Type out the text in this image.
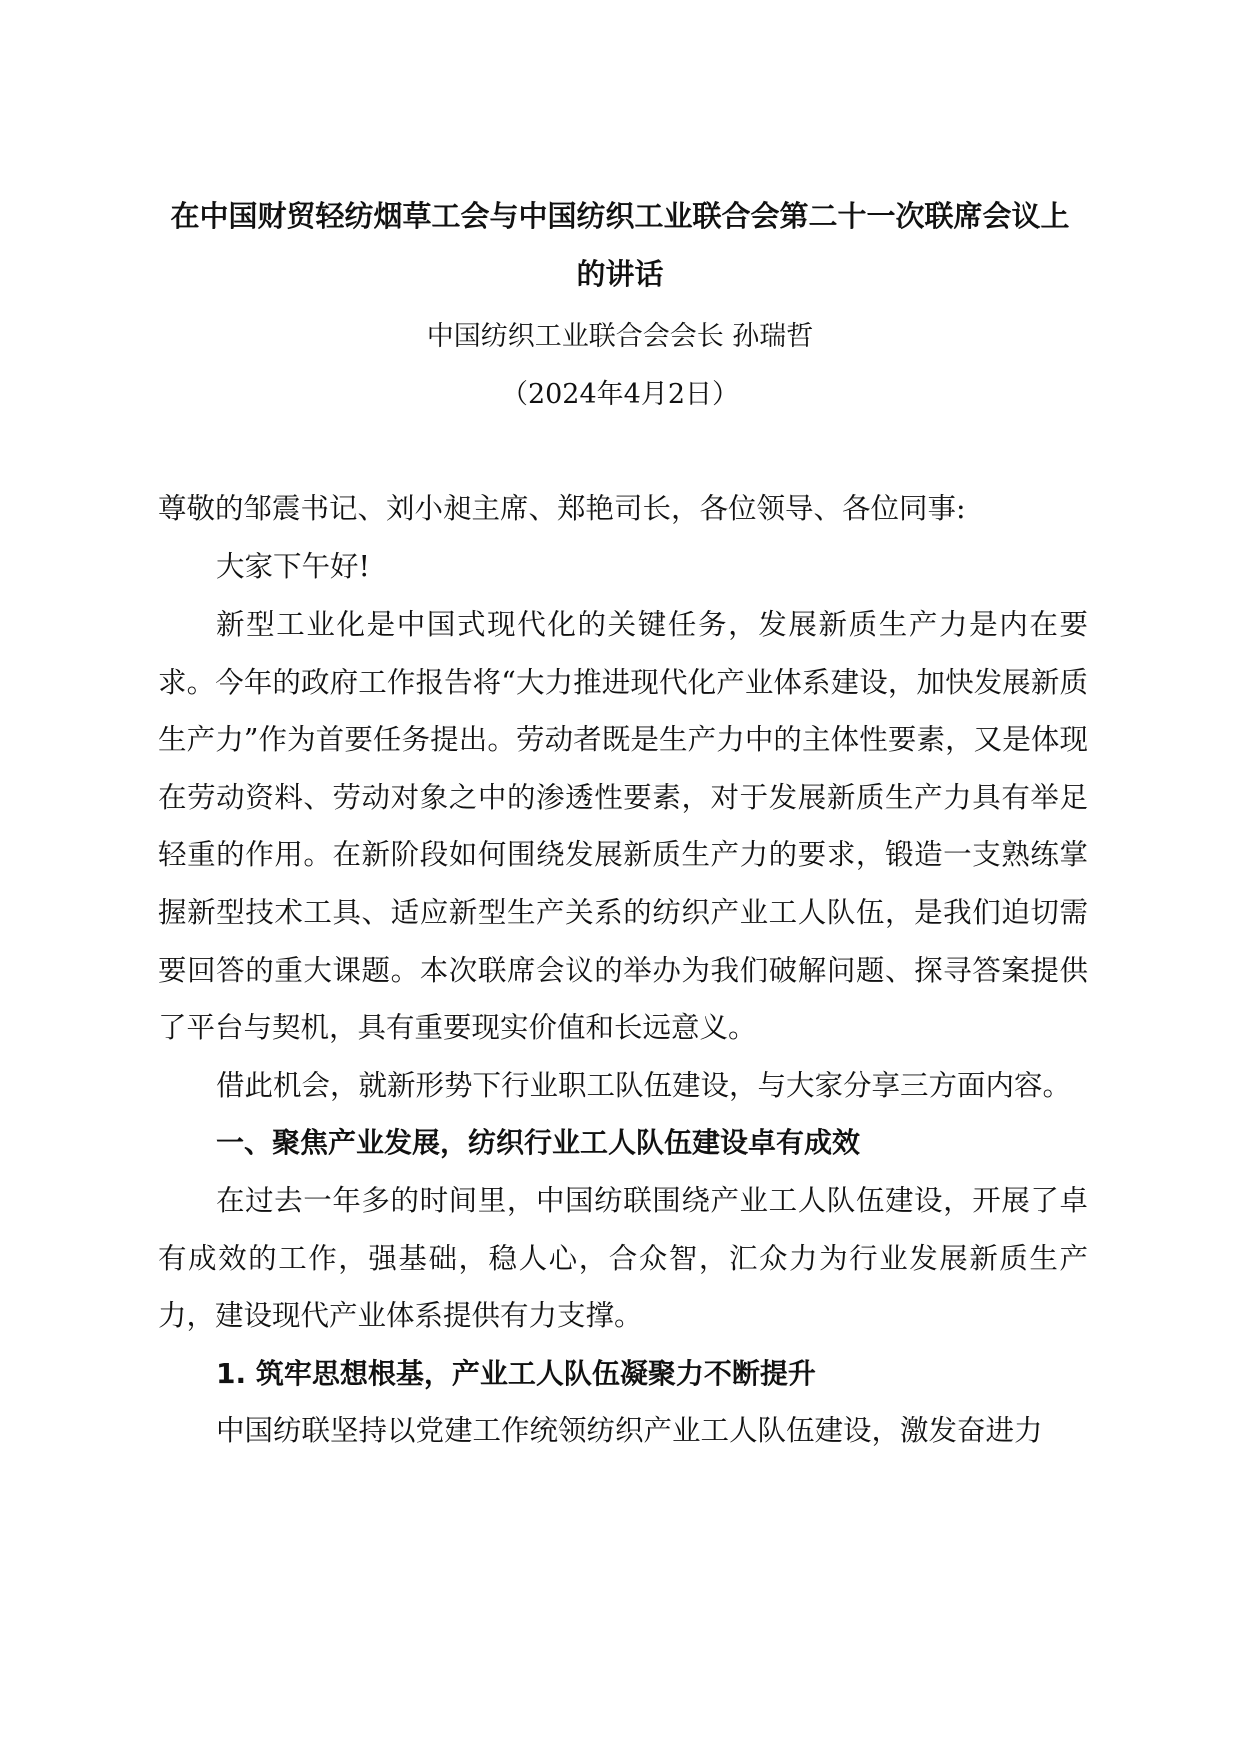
在中国财贸轻纺烟草工会与中国纺织工业联合会第二十一次联席会议上
的讲话
中国纺织工业联合会会长 孙瑞哲
（2024年4月2日）
尊敬的邹震书记、刘小昶主席、郑艳司长，各位领导、各位同事:

大家下午好!

新型工业化是中国式现代化的关键任务，发展新质生产力是内在要求。今年的政府工作报告将“大力推进现代化产业体系建设，加快发展新质生产力”作为首要任务提出。劳动者既是生产力中的主体性要素，又是体现在劳动资料、劳动对象之中的渗透性要素，对于发展新质生产力具有举足轻重的作用。在新阶段如何围绕发展新质生产力的要求，锻造一支熟练掌握新型技术工具、适应新型生产关系的纺织产业工人队伍，是我们迫切需要回答的重大课题。本次联席会议的举办为我们破解问题、探寻答案提供了平台与契机，具有重要现实价值和长远意义。

借此机会，就新形势下行业职工队伍建设，与大家分享三方面内容。

一、聚焦产业发展，纺织行业工人队伍建设卓有成效

在过去一年多的时间里，中国纺联围绕产业工人队伍建设，开展了卓有成效的工作，强基础，稳人心，合众智，汇众力为行业发展新质生产力，建设现代产业体系提供有力支撑。

1. 筑牢思想根基，产业工人队伍凝聚力不断提升

中国纺联坚持以党建工作统领纺织产业工人队伍建设，激发奋进力
